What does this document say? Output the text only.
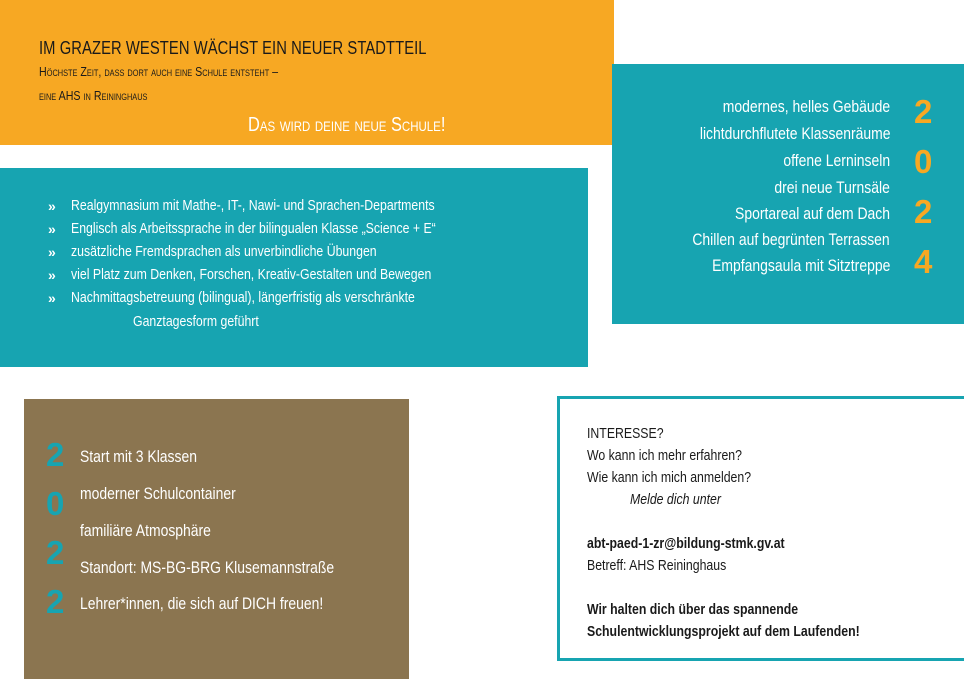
IM GRAZER WESTEN WÄCHST EIN NEUER STADTTEIL
Höchste Zeit, dass dort auch eine Schule entsteht –
eine AHS in Reininghaus
Das wird deine neue Schule!
modernes, helles Gebäude
lichtdurchflutete Klassenräume
offene Lerninseln
drei neue Turnsäle
Sportareal auf dem Dach
Chillen auf begrünten Terrassen
Empfangsaula mit Sitztreppe
2
0
2
4
» Realgymnasium mit Mathe-, IT-, Nawi- und Sprachen-Departments
» Englisch als Arbeitssprache in der bilingualen Klasse „Science + E“
» zusätzliche Fremdsprachen als unverbindliche Übungen
» viel Platz zum Denken, Forschen, Kreativ-Gestalten und Bewegen
» Nachmittagsbetreuung (bilingual), längerfristig als verschränkte
Ganztagesform geführt
2
0
2
2
Start mit 3 Klassen
moderner Schulcontainer
familiäre Atmosphäre
Standort: MS-BG-BRG Klusemannstraße
Lehrer*innen, die sich auf DICH freuen!
INTERESSE?
Wo kann ich mehr erfahren?
Wie kann ich mich anmelden?
Melde dich unter
abt-paed-1-zr@bildung-stmk.gv.at
Betreff: AHS Reininghaus
Wir halten dich über das spannende
Schulentwicklungsprojekt auf dem Laufenden!
